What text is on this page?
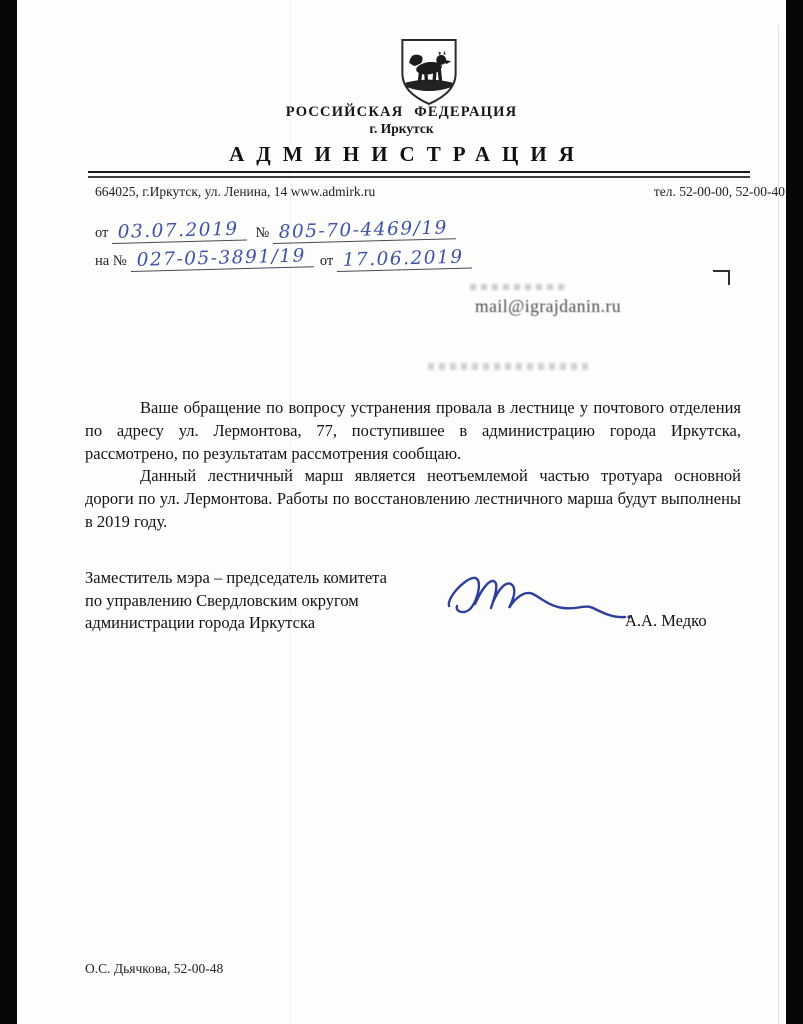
РОССИЙСКАЯ ФЕДЕРАЦИЯ
г. Иркутск
АДМИНИСТРАЦИЯ
664025, г.Иркутск, ул. Ленина, 14 www.admirk.ru	тел. 52-00-00, 52-00-40
от 03.07.2019	№ 805-70-4469/19
на № 027-05-3891/19 от 17.06.2019
mail@igrajdanin.ru

Ваше обращение по вопросу устранения провала в лестнице у почтового отделения по адресу ул. Лермонтова, 77, поступившее в администрацию города Иркутска, рассмотрено, по результатам рассмотрения сообщаю.

Данный лестничный марш является неотъемлемой частью тротуара основной дороги по ул. Лермонтова. Работы по восстановлению лестничного марша будут выполнены в 2019 году.

Заместитель мэра – председатель комитета
по управлению Свердловским округом
администрации города Иркутска	А.А. Медко
О.С. Дьячкова, 52-00-48
